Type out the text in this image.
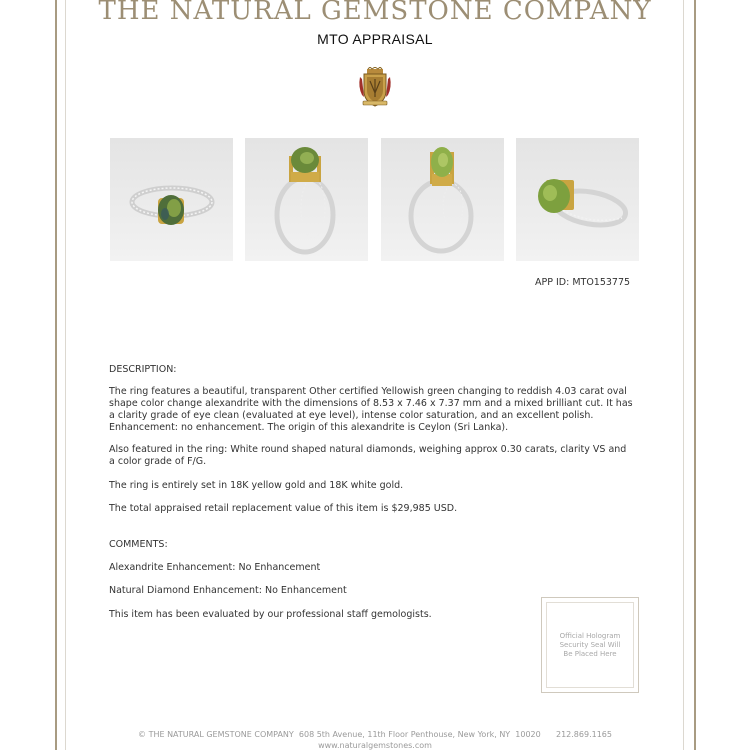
THE NATURAL GEMSTONE COMPANY
MTO APPRAISAL
APP ID: MTO153775
DESCRIPTION:
The ring features a beautiful, transparent Other certified Yellowish green changing to reddish 4.03 carat oval shape color change alexandrite with the dimensions of 8.53 x 7.46 x 7.37 mm and a mixed brilliant cut. It has a clarity grade of eye clean (evaluated at eye level), intense color saturation, and an excellent polish. Enhancement: no enhancement. The origin of this alexandrite is Ceylon (Sri Lanka).
Also featured in the ring: White round shaped natural diamonds, weighing approx 0.30 carats, clarity VS and a color grade of F/G.
The ring is entirely set in 18K yellow gold and 18K white gold.
The total appraised retail replacement value of this item is $29,985 USD.
COMMENTS:
Alexandrite Enhancement: No Enhancement
Natural Diamond Enhancement: No Enhancement
This item has been evaluated by our professional staff gemologists.
Official Hologram
Security Seal Will
Be Placed Here
© THE NATURAL GEMSTONE COMPANY  608 5th Avenue, 11th Floor Penthouse, New York, NY  10020      212.869.1165
www.naturalgemstones.com
